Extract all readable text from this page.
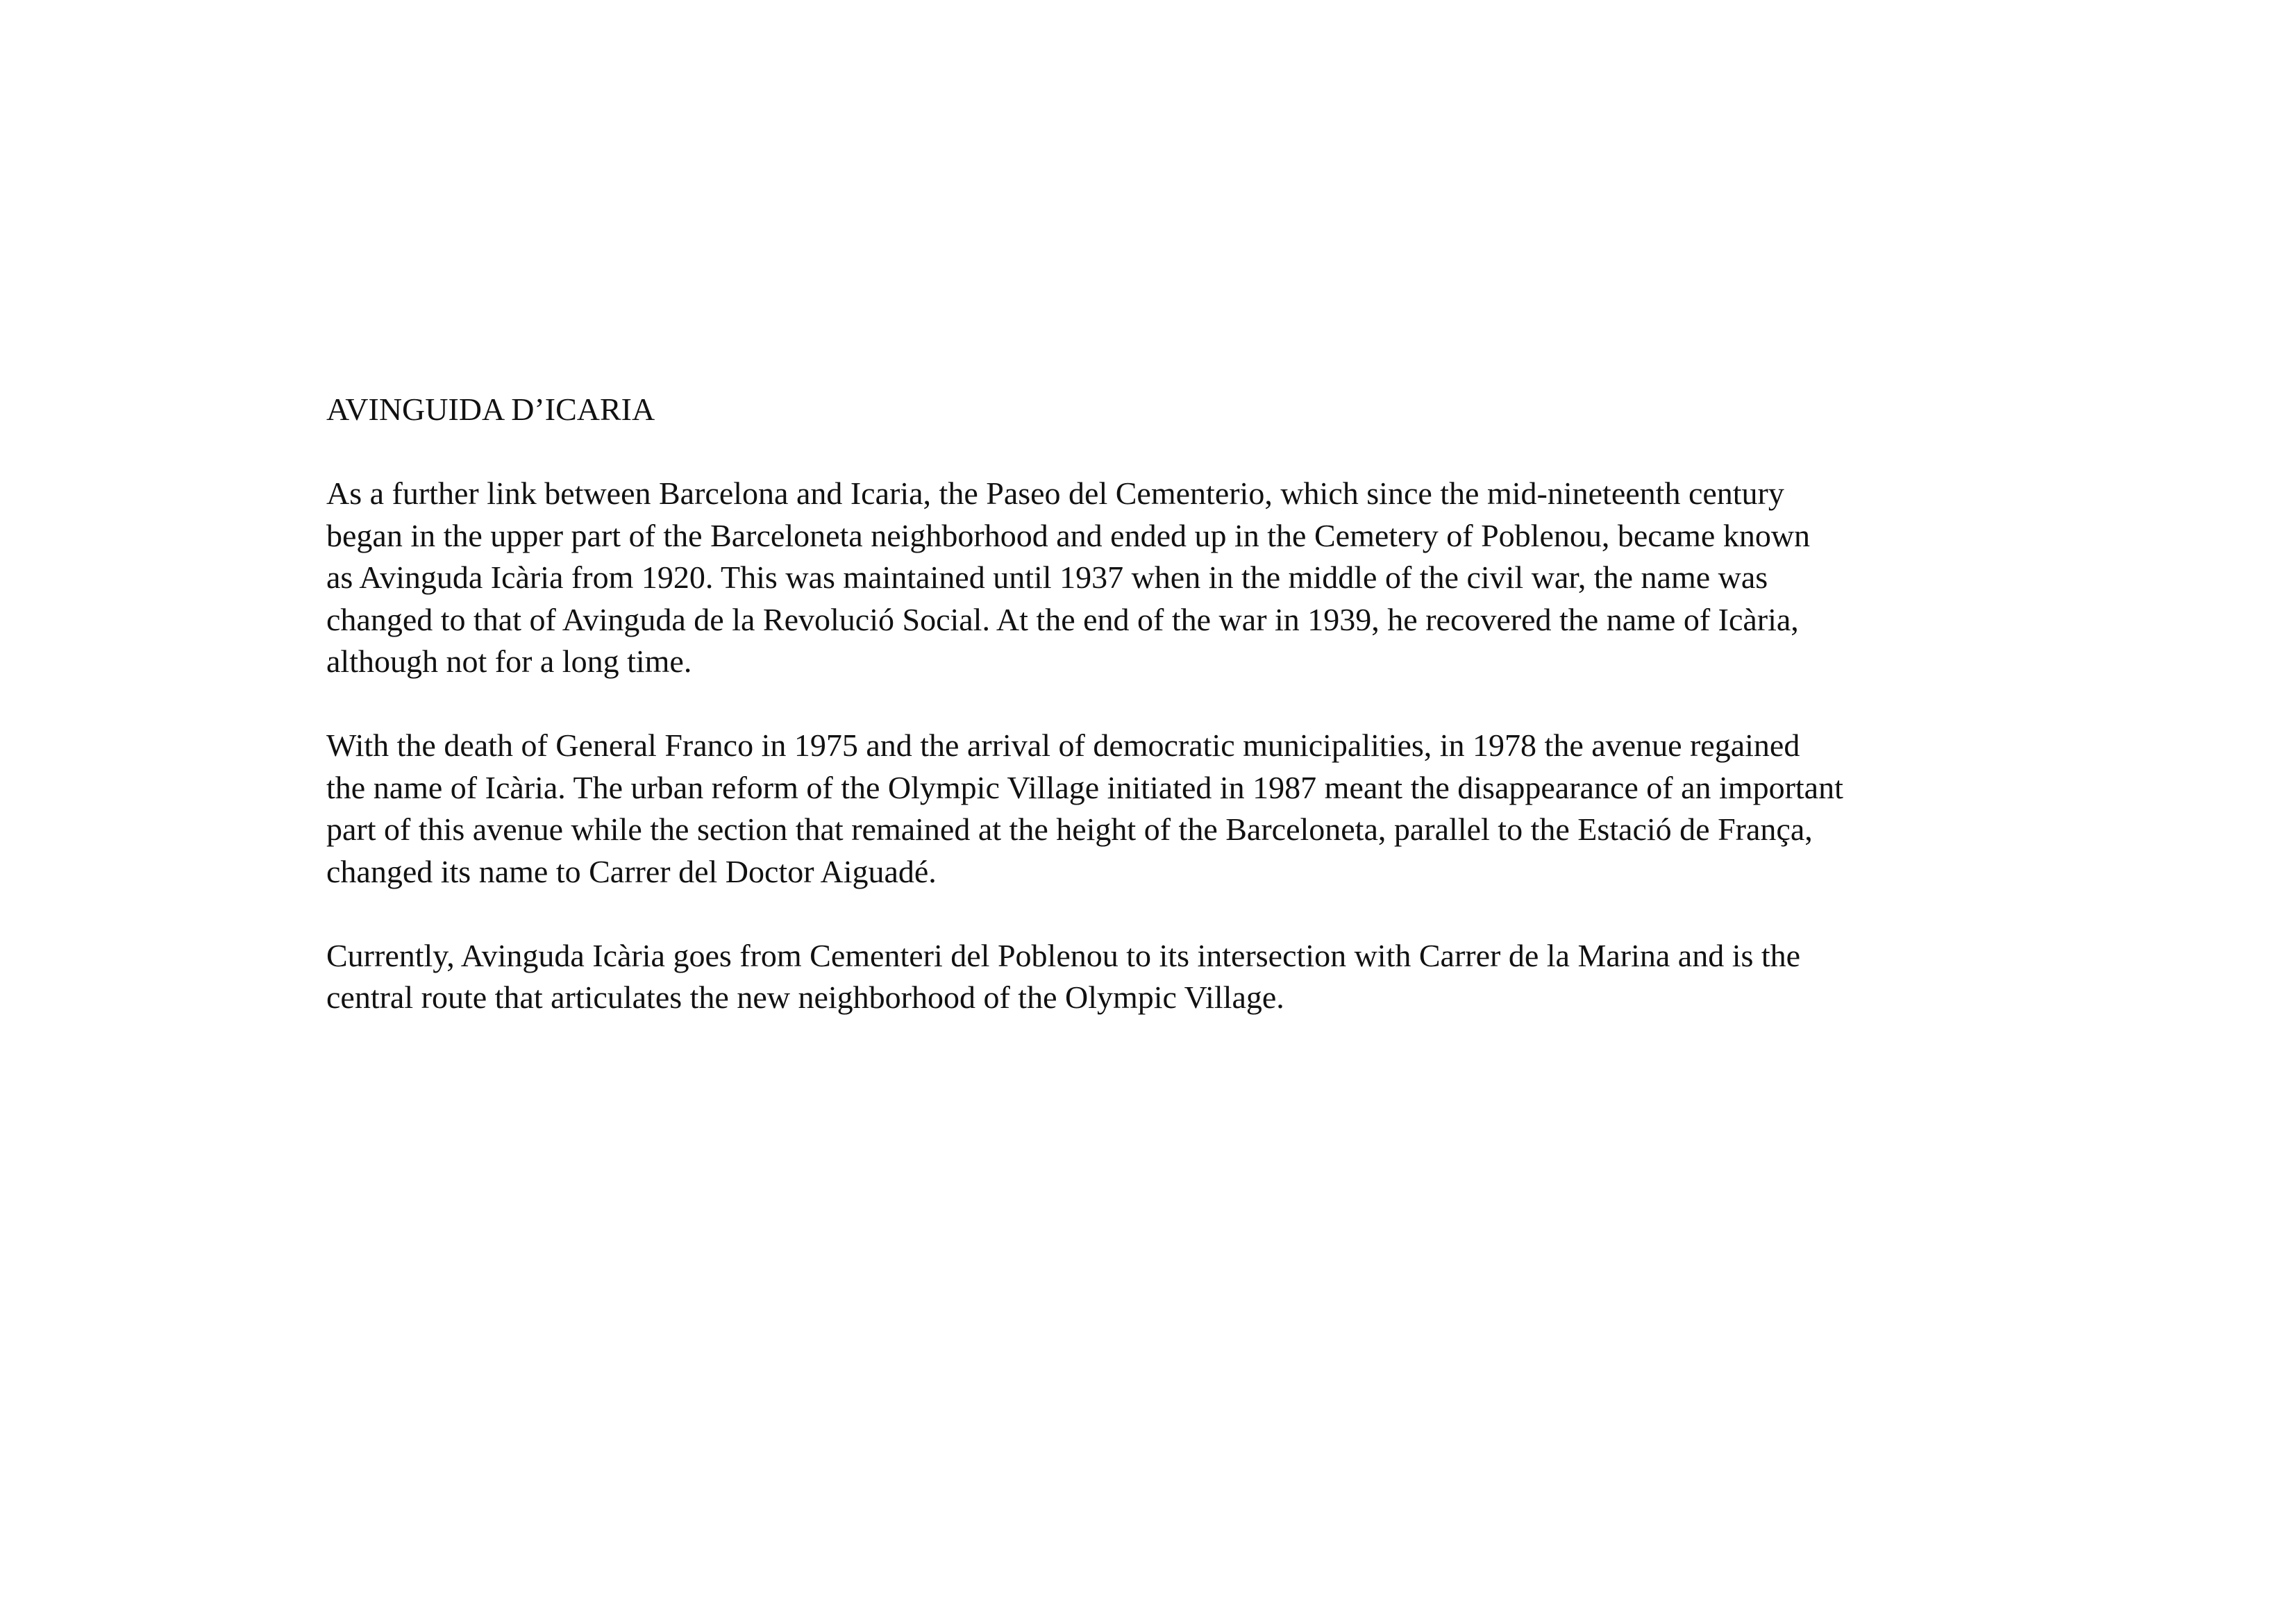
AVINGUIDA D’ICARIA

As a further link between Barcelona and Icaria, the Paseo del Cementerio, which since the mid-nineteenth century
began in the upper part of the Barceloneta neighborhood and ended up in the Cemetery of Poblenou, became known
as Avinguda Icària from 1920. This was maintained until 1937 when in the middle of the civil war, the name was
changed to that of Avinguda de la Revolució Social. At the end of the war in 1939, he recovered the name of Icària,
although not for a long time.

With the death of General Franco in 1975 and the arrival of democratic municipalities, in 1978 the avenue regained
the name of Icària. The urban reform of the Olympic Village initiated in 1987 meant the disappearance of an important
part of this avenue while the section that remained at the height of the Barceloneta, parallel to the Estació de França,
changed its name to Carrer del Doctor Aiguadé.

Currently, Avinguda Icària goes from Cementeri del Poblenou to its intersection with Carrer de la Marina and is the
central route that articulates the new neighborhood of the Olympic Village.
